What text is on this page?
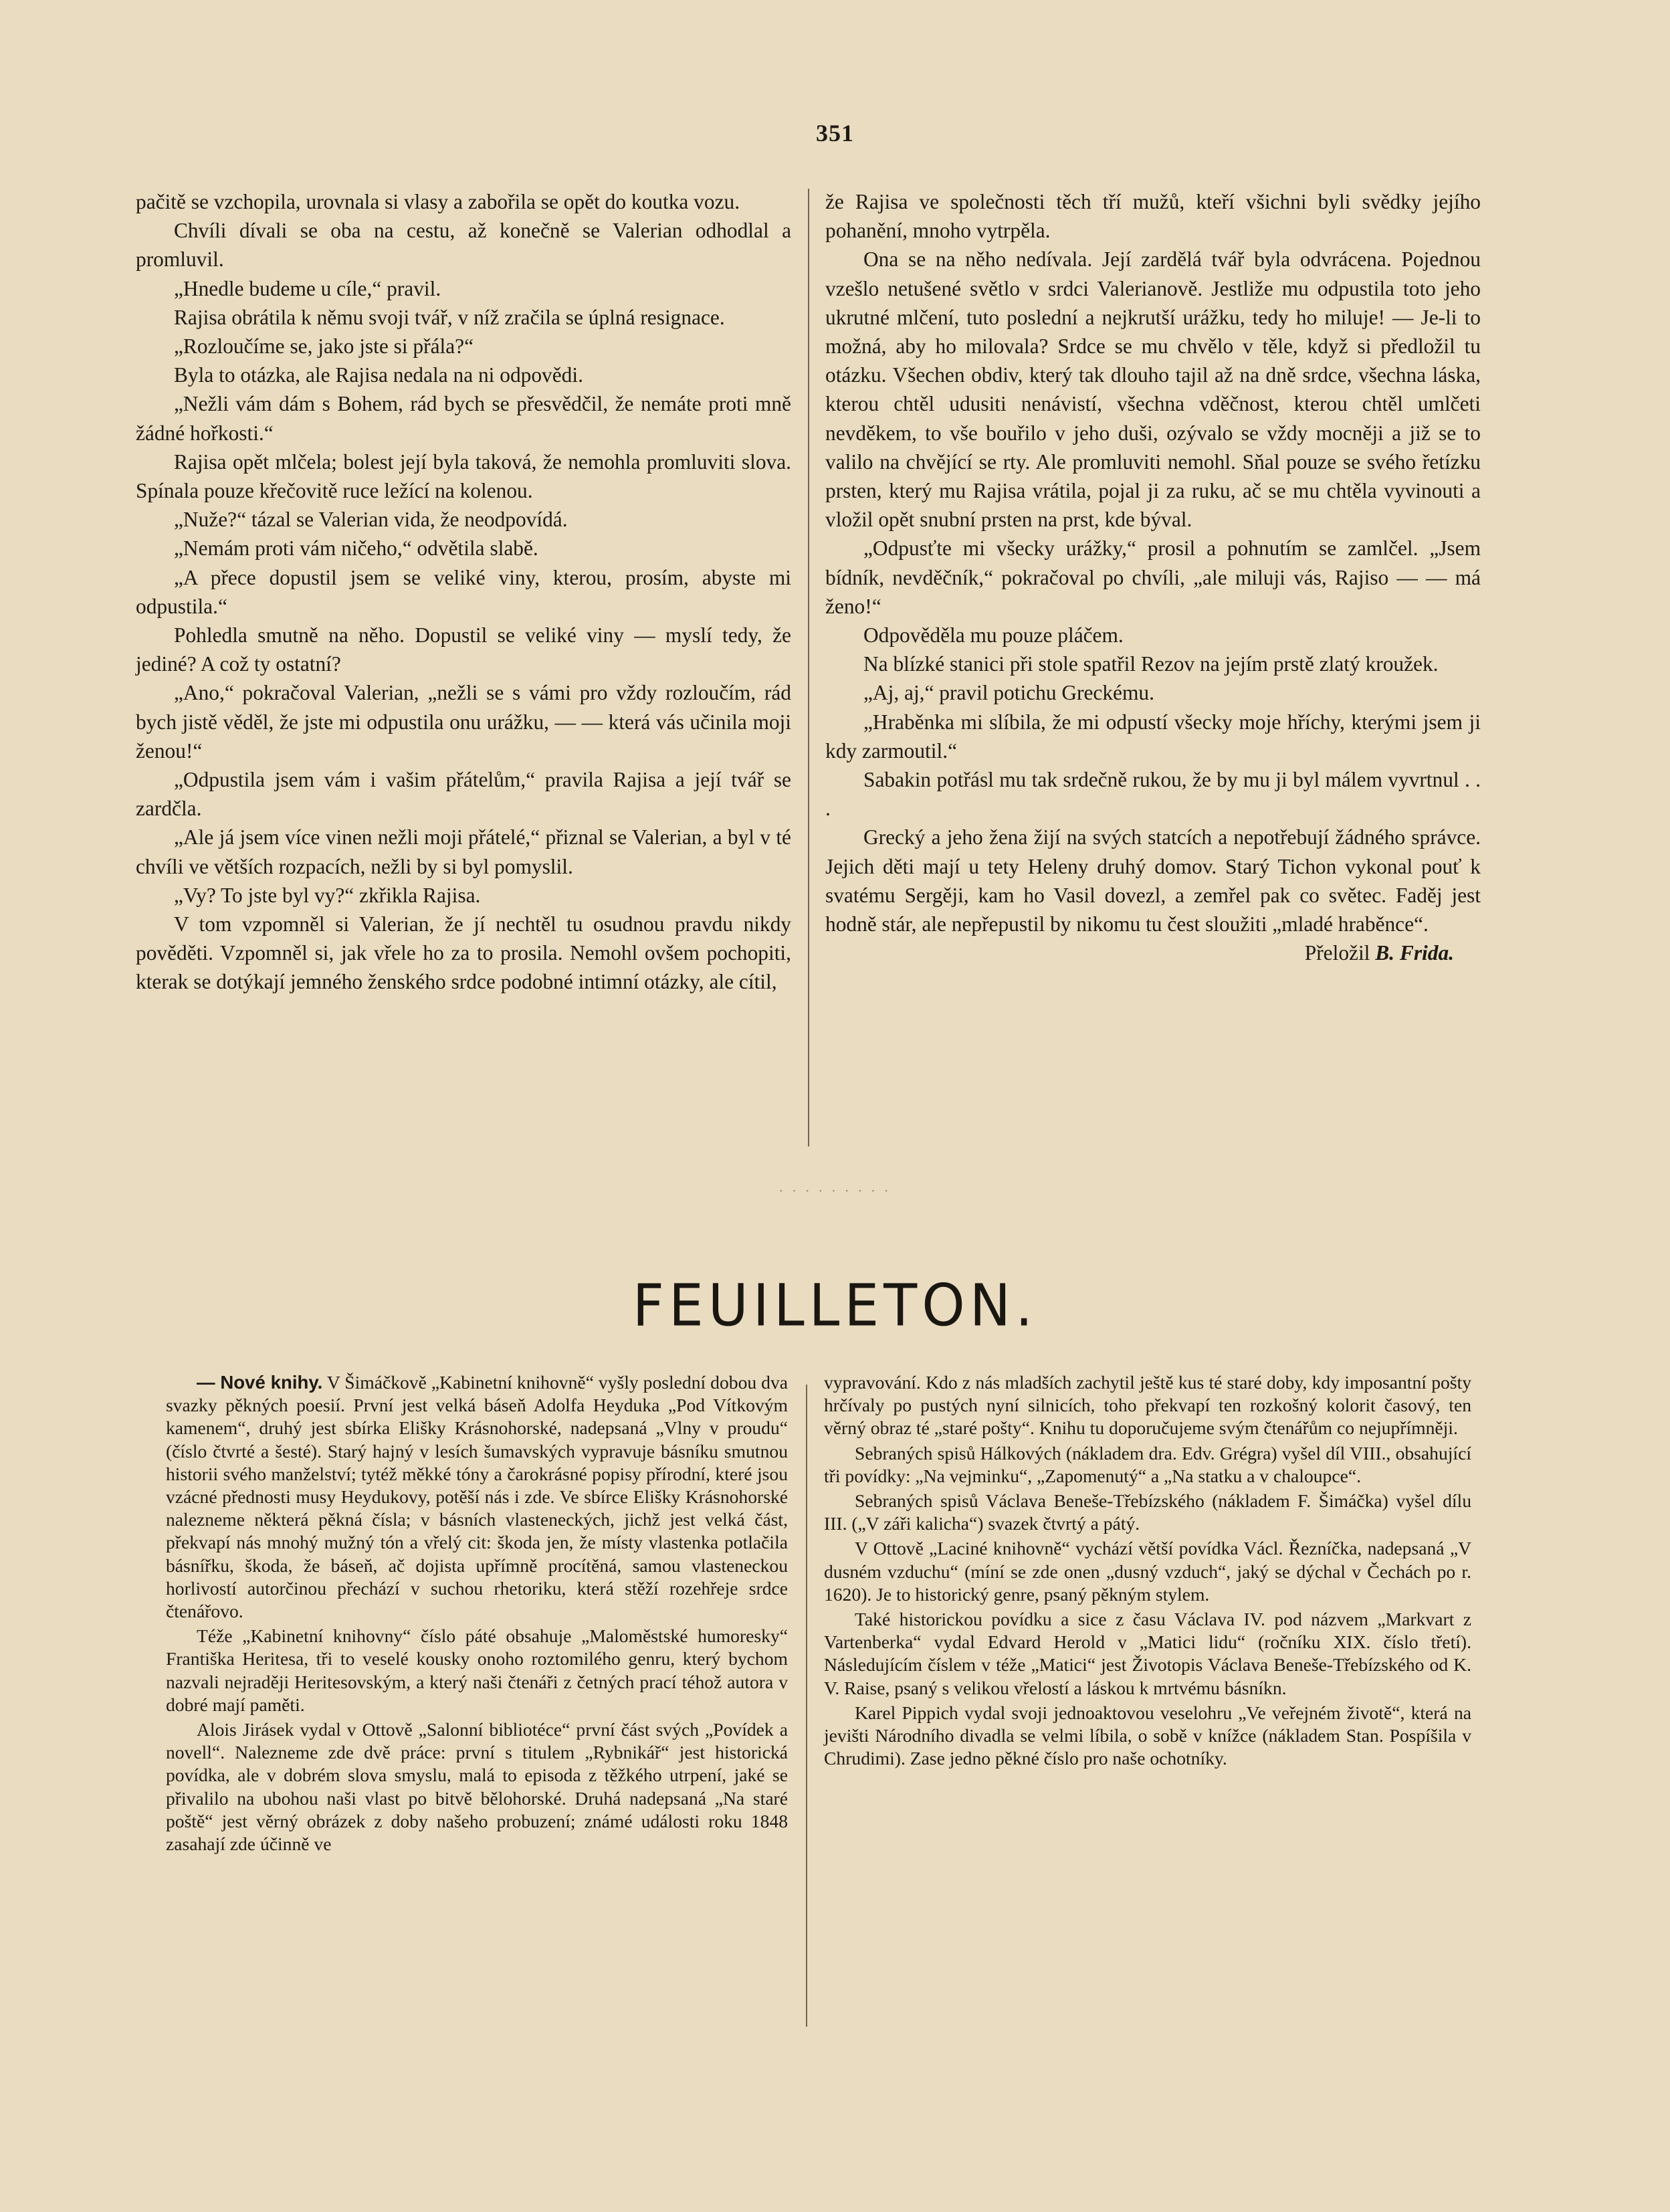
351

pačitě se vzchopila, urovnala si vlasy a zabořila se opět do koutka vozu.

Chvíli dívali se oba na cestu, až konečně se Valerian odhodlal a promluvil.

„Hnedle budeme u cíle,“ pravil.

Rajisa obrátila k němu svoji tvář, v níž zračila se úplná resignace.

„Rozloučíme se, jako jste si přála?“

Byla to otázka, ale Rajisa nedala na ni odpovědi.

„Nežli vám dám s Bohem, rád bych se přesvědčil, že nemáte proti mně žádné hořkosti.“

Rajisa opět mlčela; bolest její byla taková, že nemohla promluviti slova. Spínala pouze křečovitě ruce ležící na kolenou.

„Nuže?“ tázal se Valerian vida, že neodpovídá.

„Nemám proti vám ničeho,“ odvětila slabě.

„A přece dopustil jsem se veliké viny, kterou, prosím, abyste mi odpustila.“

Pohledla smutně na něho. Dopustil se veliké viny — myslí tedy, že jediné? A což ty ostatní?

„Ano,“ pokračoval Valerian, „nežli se s vámi pro vždy rozloučím, rád bych jistě věděl, že jste mi odpustila onu urážku, — — která vás učinila moji ženou!“

„Odpustila jsem vám i vašim přátelům,“ pravila Rajisa a její tvář se zardčla.

„Ale já jsem více vinen nežli moji přátelé,“ přiznal se Valerian, a byl v té chvíli ve větších rozpacích, nežli by si byl pomyslil.

„Vy? To jste byl vy?“ zkřikla Rajisa.

V tom vzpomněl si Valerian, že jí nechtěl tu osudnou pravdu nikdy pověděti. Vzpomněl si, jak vřele ho za to prosila. Nemohl ovšem pochopiti, kterak se dotýkají jemného ženského srdce podobné intimní otázky, ale cítil,

že Rajisa ve společnosti těch tří mužů, kteří všichni byli svědky jejího pohanění, mnoho vytrpěla.

Ona se na něho nedívala. Její zardělá tvář byla odvrácena. Pojednou vzešlo netušené světlo v srdci Valerianově. Jestliže mu odpustila toto jeho ukrutné mlčení, tuto poslední a nejkrutší urážku, tedy ho miluje! — Je-li to možná, aby ho milovala? Srdce se mu chvělo v těle, když si předložil tu otázku. Všechen obdiv, který tak dlouho tajil až na dně srdce, všechna láska, kterou chtěl udusiti nenávistí, všechna vděčnost, kterou chtěl umlčeti nevděkem, to vše bouřilo v jeho duši, ozývalo se vždy mocněji a již se to valilo na chvějící se rty. Ale promluviti nemohl. Sňal pouze se svého řetízku prsten, který mu Rajisa vrátila, pojal ji za ruku, ač se mu chtěla vyvinouti a vložil opět snubní prsten na prst, kde býval.

„Odpusťte mi všecky urážky,“ prosil a pohnutím se zamlčel. „Jsem bídník, nevděčník,“ pokračoval po chvíli, „ale miluji vás, Rajiso — — má ženo!“

Odpověděla mu pouze pláčem.

Na blízké stanici při stole spatřil Rezov na jejím prstě zlatý kroužek.

„Aj, aj,“ pravil potichu Greckému.

„Hraběnka mi slíbila, že mi odpustí všecky moje hříchy, kterými jsem ji kdy zarmoutil.“

Sabakin potřásl mu tak srdečně rukou, že by mu ji byl málem vyvrtnul . . .

Grecký a jeho žena žijí na svých statcích a nepotřebují žádného správce. Jejich děti mají u tety Heleny druhý domov. Starý Tichon vykonal pouť k svatému Sergěji, kam ho Vasil dovezl, a zemřel pak co světec. Faděj jest hodně stár, ale nepřepustil by nikomu tu čest sloužiti „mladé hraběnce“.

Přeložil B. Frida.

· · · · · · · · ·
FEUILLETON.

— Nové knihy. V Šimáčkově „Kabinetní knihovně“ vyšly poslední dobou dva svazky pěkných poesií. První jest velká báseň Adolfa Heyduka „Pod Vítkovým kamenem“, druhý jest sbírka Elišky Krásnohorské, nadepsaná „Vlny v proudu“ (číslo čtvrté a šesté). Starý hajný v lesích šumavských vypravuje básníku smutnou historii svého manželství; tytéž měkké tóny a čarokrásné popisy přírodní, které jsou vzácné přednosti musy Heydukovy, potěší nás i zde. Ve sbírce Elišky Krásnohorské nalezneme některá pěkná čísla; v básních vlasteneckých, jichž jest velká část, překvapí nás mnohý mužný tón a vřelý cit: škoda jen, že místy vlastenka potlačila básnířku, škoda, že báseň, ač dojista upřímně procítěná, samou vlasteneckou horlivostí autorčinou přechází v suchou rhetoriku, která stěží rozehřeje srdce čtenářovo.

Téže „Kabinetní knihovny“ číslo páté obsahuje „Maloměstské humoresky“ Františka Heritesa, tři to veselé kousky onoho roztomilého genru, který bychom nazvali nejraději Heritesovským, a který naši čtenáři z četných prací téhož autora v dobré mají paměti.

Alois Jirásek vydal v Ottově „Salonní bibliotéce“ první část svých „Povídek a novell“. Nalezneme zde dvě práce: první s titulem „Rybnikář“ jest historická povídka, ale v dobrém slova smyslu, malá to episoda z těžkého utrpení, jaké se přivalilo na ubohou naši vlast po bitvě bělohorské. Druhá nadepsaná „Na staré poště“ jest věrný obrázek z doby našeho probuzení; známé události roku 1848 zasahají zde účinně ve

vypravování. Kdo z nás mladších zachytil ještě kus té staré doby, kdy imposantní pošty hrčívaly po pustých nyní silnicích, toho překvapí ten rozkošný kolorit časový, ten věrný obraz té „staré pošty“. Knihu tu doporučujeme svým čtenářům co nejupřímněji.

Sebraných spisů Hálkových (nákladem dra. Edv. Grégra) vyšel díl VIII., obsahující tři povídky: „Na vejminku“, „Zapomenutý“ a „Na statku a v chaloupce“.

Sebraných spisů Václava Beneše-Třebízského (nákladem F. Šimáčka) vyšel dílu III. („V záři kalicha“) svazek čtvrtý a pátý.

V Ottově „Laciné knihovně“ vychází větší povídka Václ. Řezníčka, nadepsaná „V dusném vzduchu“ (míní se zde onen „dusný vzduch“, jaký se dýchal v Čechách po r. 1620). Je to historický genre, psaný pěkným stylem.

Také historickou povídku a sice z času Václava IV. pod názvem „Markvart z Vartenberka“ vydal Edvard Herold v „Matici lidu“ (ročníku XIX. číslo třetí). Následujícím číslem v téže „Matici“ jest Životopis Václava Beneše-Třebízského od K. V. Raise, psaný s velikou vřelostí a láskou k mrtvému básníkn.

Karel Pippich vydal svoji jednoaktovou veselohru „Ve veřejném životě“, která na jevišti Národního divadla se velmi líbila, o sobě v knížce (nákladem Stan. Pospíšila v Chrudimi). Zase jedno pěkné číslo pro naše ochotníky.
